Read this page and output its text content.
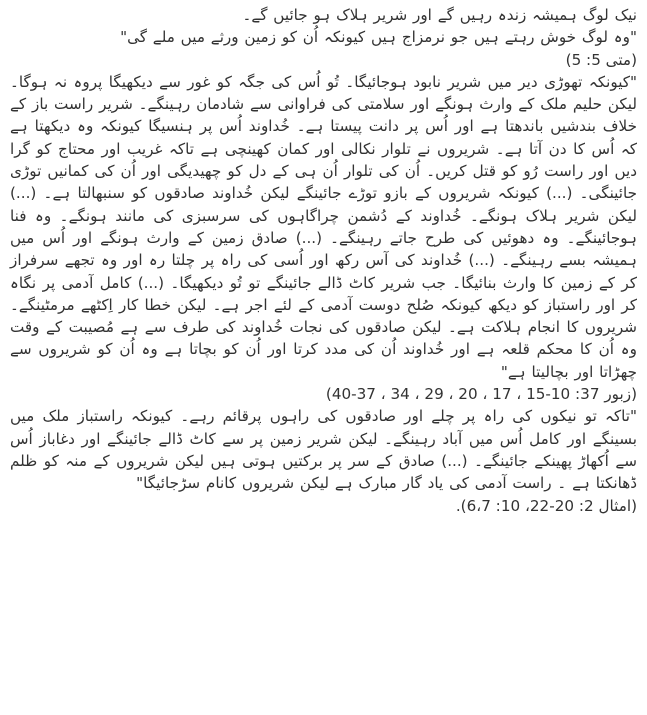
نیک لوگ ہمیشہ زندہ رہیں گے اور شریر ہلاک ہو جائیں گے۔

"وہ لوگ خوش رہتے ہیں جو نرمزاج ہیں کیونکہ اُن کو زمین ورثے میں ملے گی"

(متی 5: 5)

"کیونکہ تھوڑی دیر میں شریر نابود ہوجائیگا۔ تُو اُس کی جگہ کو غور سے دیکھیگا پروہ نہ ہوگا۔ لیکن حلیم ملک کے وارث ہونگے اور سلامتی کی فراوانی سے شادمان رہینگے۔ شریر راست باز کے خلاف بندشیں باندھتا ہے اور اُس پر دانت پیستا ہے۔ خُداوند اُس پر ہنسیگا کیونکہ وہ دیکھتا ہے کہ اُس کا دن آتا ہے۔ شریروں نے تلوار نکالی اور کمان کھینچی ہے تاکہ غریب اور محتاج کو گرا دیں اور راست رُو کو قتل کریں۔ اُن کی تلوار اُن ہی کے دل کو چھیدیگی اور اُن کی کمانیں توڑی جائینگی۔ (...) کیونکہ شریروں کے بازو توڑے جائینگے لیکن خُداوند صادقوں کو سنبھالتا ہے۔ (...) لیکن شریر ہلاک ہونگے۔ خُداوند کے دُشمن چراگاہوں کی سرسبزی کی مانند ہونگے۔ وہ فنا ہوجائینگے۔ وہ دھوئیں کی طرح جاتے رہینگے۔ (...) صادق زمین کے وارث ہونگے اور اُس میں ہمیشہ بسے رہینگے۔ (...) خُداوند کی آس رکھ اور اُسی کی راہ پر چلتا رہ اور وہ تجھے سرفراز کر کے زمین کا وارث بنائیگا۔ جب شریر کاٹ ڈالے جائینگے تو تُو دیکھیگا۔ (...) کامل آدمی پر نگاہ کر اور راستباز کو دیکھ کیونکہ صُلح دوست آدمی کے لئے اجر ہے۔ لیکن خطا کار اِکٹھے مرمٹینگے۔ شریروں کا انجام ہلاکت ہے۔ لیکن صادقوں کی نجات خُداوند کی طرف سے ہے مُصیبت کے وقت وہ اُن کا محکم قلعہ ہے اور خُداوند اُن کی مدد کرتا اور اُن کو بچاتا ہے وہ اُن کو شریروں سے چھڑاتا اور بچالیتا ہے"

(زبور 37: 10-15 ، 17 ، 20 ، 29 ، 34 ، 37-40)

"تاکہ تو نیکوں کی راہ پر چلے اور صادقوں کی راہوں پرقائم رہے۔ کیونکہ راستباز ملک میں بسینگے اور کامل اُس میں آباد رہینگے۔ لیکن شریر زمین پر سے کاٹ ڈالے جائینگے اور دغاباز اُس سے اُکھاڑ پھینکے جائینگے۔ (...) صادق کے سر پر برکتیں ہوتی ہیں لیکن شریروں کے منہ کو ظلم ڈھانکتا ہے ۔ راست آدمی کی یاد گار مبارک ہے لیکن شریروں کانام سڑجائیگا"

(امثال 2: 20-22، 10: 6،7).
